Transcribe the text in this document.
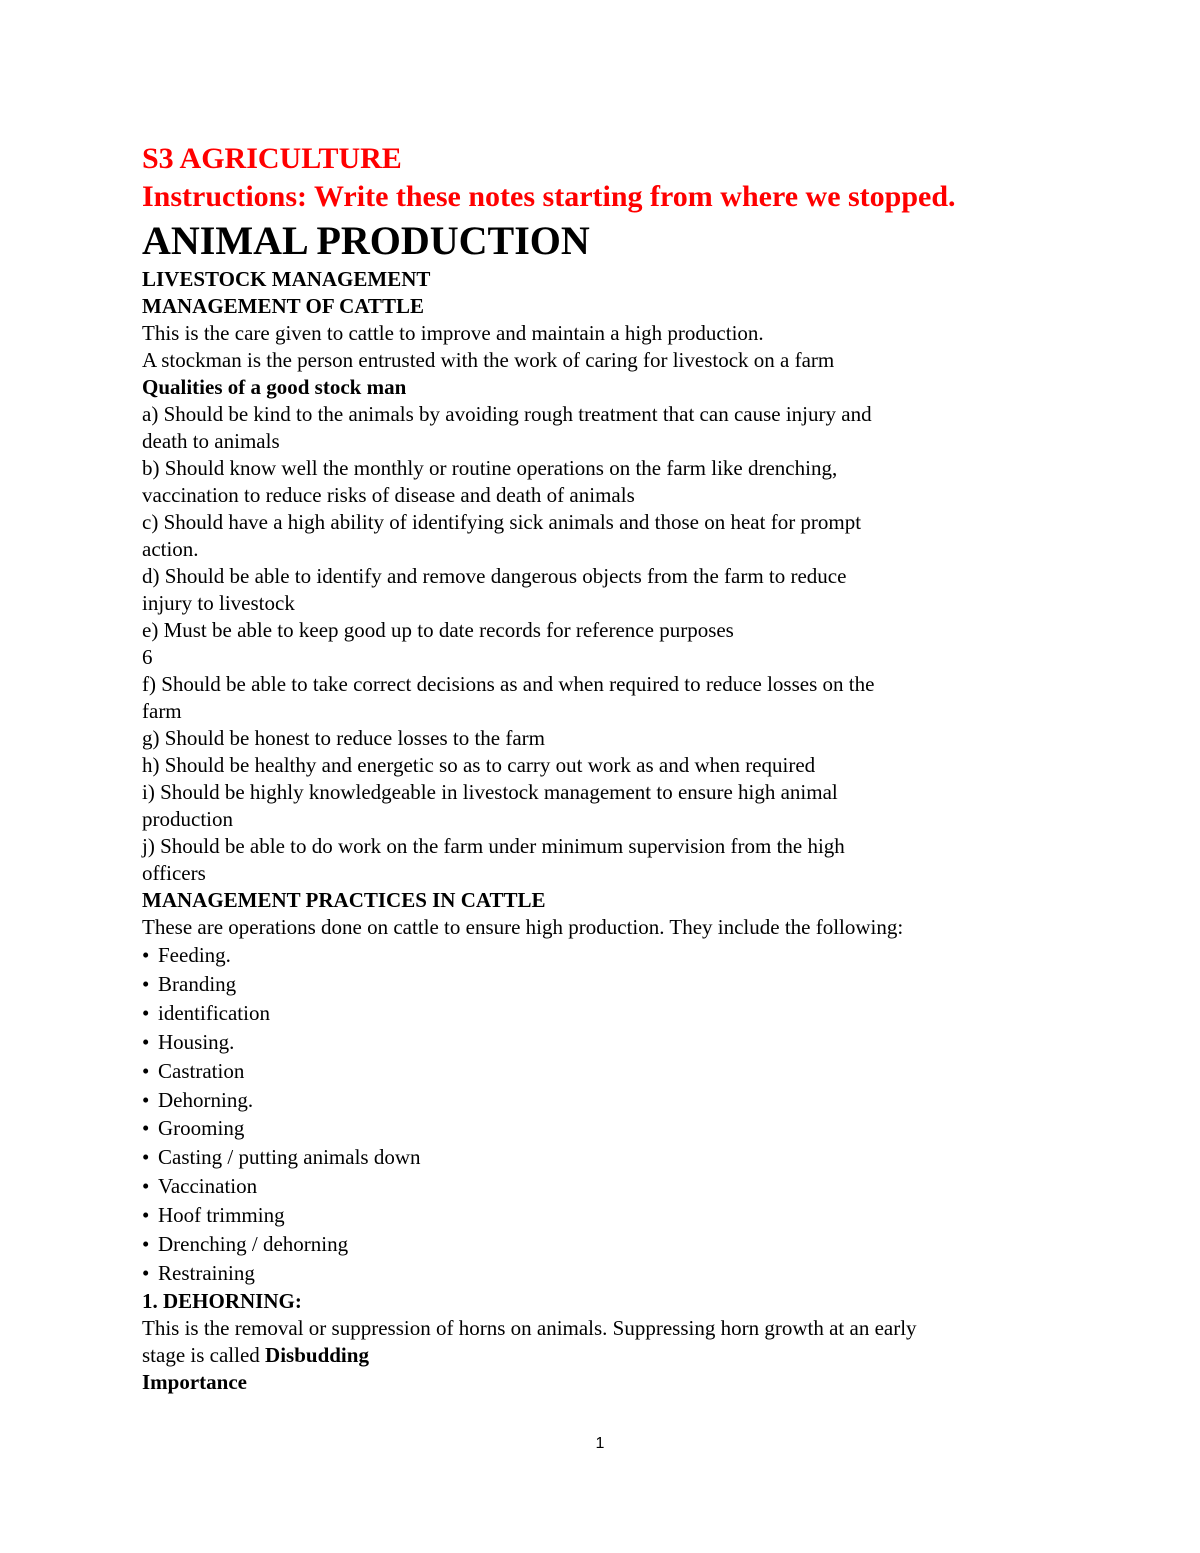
S3 AGRICULTURE

Instructions: Write these notes starting from where we stopped.

ANIMAL PRODUCTION

LIVESTOCK MANAGEMENT

MANAGEMENT OF CATTLE

This is the care given to cattle to improve and maintain a high production.

A stockman is the person entrusted with the work of caring for livestock on a farm

Qualities of a good stock man

a) Should be kind to the animals by avoiding rough treatment that can cause injury and

death to animals

b) Should know well the monthly or routine operations on the farm like drenching,

vaccination to reduce risks of disease and death of animals

c) Should have a high ability of identifying sick animals and those on heat for prompt

action.

d) Should be able to identify and remove dangerous objects from the farm to reduce

injury to livestock

e) Must be able to keep good up to date records for reference purposes

6

f) Should be able to take correct decisions as and when required to reduce losses on the

farm

g) Should be honest to reduce losses to the farm

h) Should be healthy and energetic so as to carry out work as and when required

i) Should be highly knowledgeable in livestock management to ensure high animal

production

j) Should be able to do work on the farm under minimum supervision from the high

officers

MANAGEMENT PRACTICES IN CATTLE

These are operations done on cattle to ensure high production. They include the following:

• Feeding.
• Branding
• identification
• Housing.
• Castration
• Dehorning.
• Grooming
• Casting / putting animals down
• Vaccination
• Hoof trimming
• Drenching / dehorning
• Restraining

1. DEHORNING:

This is the removal or suppression of horns on animals. Suppressing horn growth at an early

stage is called Disbudding

Importance

1
